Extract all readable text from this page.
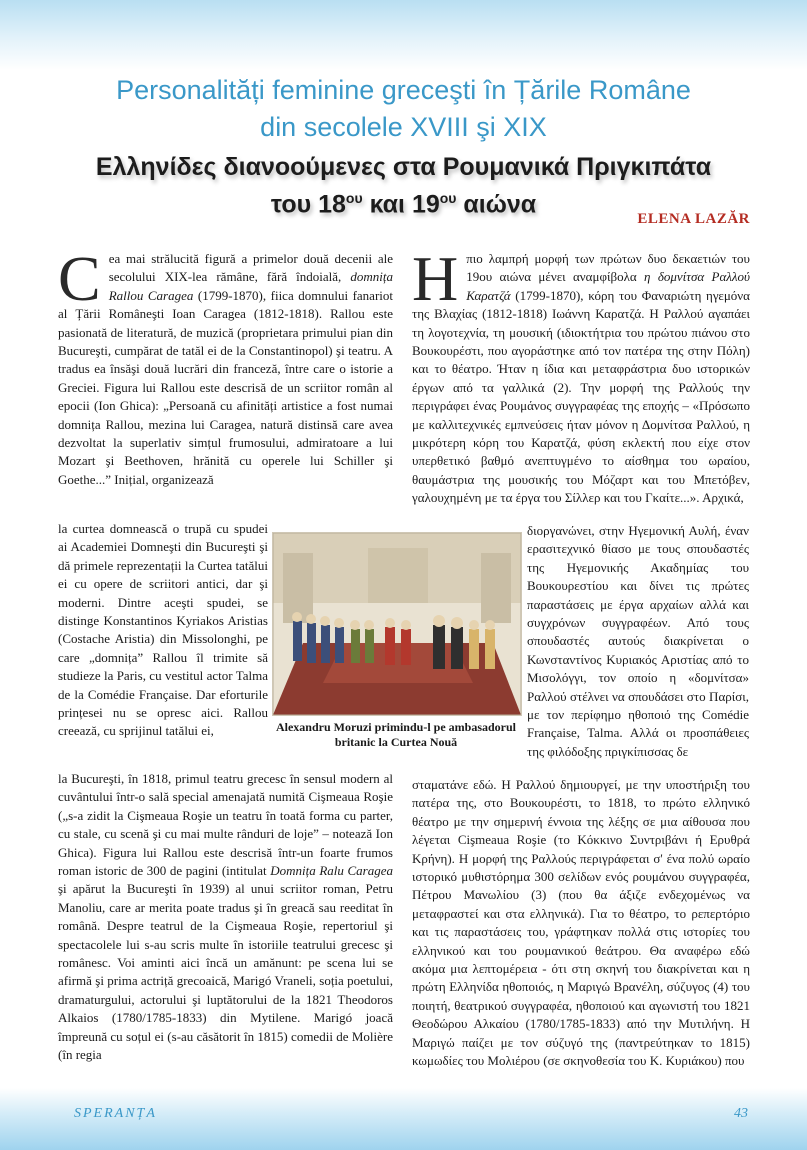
Personalități feminine greceşti în Țările Române
din secolele XVIII şi XIX
Ελληνίδες διανοούμενες στα Ρουμανικά Πριγκιπάτα
του $18^{o\upsilon}$ και $19^{o\upsilon}$ αιώνα
ELENA LAZĂR

Cea mai strălucită figură a primelor două decenii ale secolului XIX-lea rămâne, fără îndoială, domnița Rallou Caragea (1799-1870), fiica domnului fanariot al Țării Româneşti Ioan Caragea (1812-1818). Rallou este pasionată de literatură, de muzică (proprietara primului pian din Bucureşti, cumpărat de tatăl ei de la Constantinopol) şi teatru. A tradus ea însăşi două lucrări din franceză, între care o istorie a Greciei. Figura lui Rallou este descrisă de un scriitor român al epocii (Ion Ghica): „Persoană cu afinități artistice a fost numai domnița Rallou, mezina lui Caragea, natură distinsă care avea dezvoltat la superlativ simțul frumosului, admiratoare a lui Mozart şi Beethoven, hrănită cu operele lui Schiller şi Goethe...” Inițial, organizează

la curtea domnească o trupă cu spudei ai Academiei Domneşti din Bucureşti şi dă primele reprezentații la Curtea tatălui ei cu opere de scriitori antici, dar şi moderni. Dintre aceşti spudei, se distinge Konstantinos Kyriakos Aristias (Costache Aristia) din Missolonghi, pe care „domnița” Rallou îl trimite să studieze la Paris, cu vestitul actor Talma de la Comédie Française. Dar eforturile prințesei nu se opresc aici. Rallou creează, cu sprijinul tatălui ei,	Alexandru Moruzi primindu-l pe ambasadorul britanic la Curtea Nouă

la Bucureşti, în 1818, primul teatru grecesc în sensul modern al cuvântului într-o sală special amenajată numită Cişmeaua Roşie („s-a zidit la Cişmeaua Roşie un teatru în toată forma cu parter, cu stale, cu scenă şi cu mai multe rânduri de loje” – notează Ion Ghica). Figura lui Rallou este descrisă într-un foarte frumos roman istoric de 300 de pagini (intitulat Domnița Ralu Caragea şi apărut la Bucureşti în 1939) al unui scriitor roman, Petru Manoliu, care ar merita poate tradus şi în greacă sau reeditat în română. Despre teatrul de la Cişmeaua Roşie, repertoriul şi spectacolele lui s-au scris multe în istoriile teatrului grecesc şi românesc. Voi aminti aici încă un amănunt: pe scena lui se afirmă şi prima actriță grecoaică, Marigó Vraneli, soția poetului, dramaturgului, actorului şi luptătorului de la 1821 Theodoros Alkaios (1780/1785-1833) din Mytilene. Marigó joacă împreună cu soțul ei (s-au căsătorit în 1815) comedii de Molière (în regia

Ηπιο λαμπρή μορφή των πρώτων δυο δεκαετιών του 19ου αιώνα μένει αναμφίβολα η δομνίτσα Ραλλού Καρατζά (1799-1870), κόρη του Φαναριώτη ηγεμόνα της Βλαχίας (1812-1818) Ιωάννη Καρατζά. Η Ραλλού αγαπάει τη λογοτεχνία, τη μουσική (ιδιοκτήτρια του πρώτου πιάνου στο Βουκουρέστι, που αγοράστηκε από τον πατέρα της στην Πόλη) και το θέατρο. Ήταν η ίδια και μεταφράστρια δυο ιστορικών έργων από τα γαλλικά (2). Την μορφή της Ραλλούς την περιγράφει ένας Ρουμάνος συγγραφέας της εποχής – «Πρόσωπο με καλλιτεχνικές εμπνεύσεις ήταν μόνον η Δομνίτσα Ραλλού, η μικρότερη κόρη του Καρατζά, φύση εκλεκτή που είχε στον υπερθετικό βαθμό ανεπτυγμένο το αίσθημα του ωραίου, θαυμάστρια της μουσικής του Μόζαρτ και του Μπετόβεν, γαλουχημένη με τα έργα του Σίλλερ και του Γκαίτε...». Αρχικά,

διοργανώνει, στην Ηγεμονική Αυλή, έναν ερασιτεχνικό θίασο με τους σπουδαστές της Ηγεμονικής Ακαδημίας του Βουκουρεστίου και δίνει τις πρώτες παραστάσεις με έργα αρχαίων αλλά και συγχρόνων συγγραφέων. Από τους σπουδαστές αυτούς διακρίνεται ο Κωνσταντίνος Κυριακός Αριστίας από το Μισολόγγι, τον οποίο η «δομνίτσα» Ραλλού στέλνει να σπουδάσει στο Παρίσι, με τον περίφημο ηθοποιό της Comédie Française, Talma. Αλλά οι προσπάθειες της φιλόδοξης πριγκίπισσας δε

σταματάνε εδώ. Η Ραλλού δημιουργεί, με την υποστήριξη του πατέρα της, στο Βουκουρέστι, το 1818, το πρώτο ελληνικό θέατρο με την σημερινή έννοια της λέξης σε μια αίθουσα που λέγεται Cişmeaua Roşie (το Κόκκινο Συντριβάνι ή Ερυθρά Κρήνη). Η μορφή της Ραλλούς περιγράφεται σ' ένα πολύ ωραίο ιστορικό μυθιστόρημα 300 σελίδων ενός ρουμάνου συγγραφέα, Πέτρου Μανωλίου (3) (που θα άξιζε ενδεχομένως να μεταφραστεί και στα ελληνικά). Για το θέατρο, το ρεπερτόριο και τις παραστάσεις του, γράφτηκαν πολλά στις ιστορίες του ελληνικού και του ρουμανικού θεάτρου. Θα αναφέρω εδώ ακόμα μια λεπτομέρεια - ότι στη σκηνή του διακρίνεται και η πρώτη Ελληνίδα ηθοποιός, η Μαριγώ Βρανέλη, σύζυγος (4) του ποιητή, θεατρικού συγγραφέα, ηθοποιού και αγωνιστή του 1821 Θεοδώρου Αλκαίου (1780/1785-1833) από την Μυτιλήνη. Η Μαριγώ παίζει με τον σύζυγό της (παντρεύτηκαν το 1815) κωμωδίες του Μολιέρου (σε σκηνοθεσία του Κ. Κυριάκου) που

SPERANȚA	43
